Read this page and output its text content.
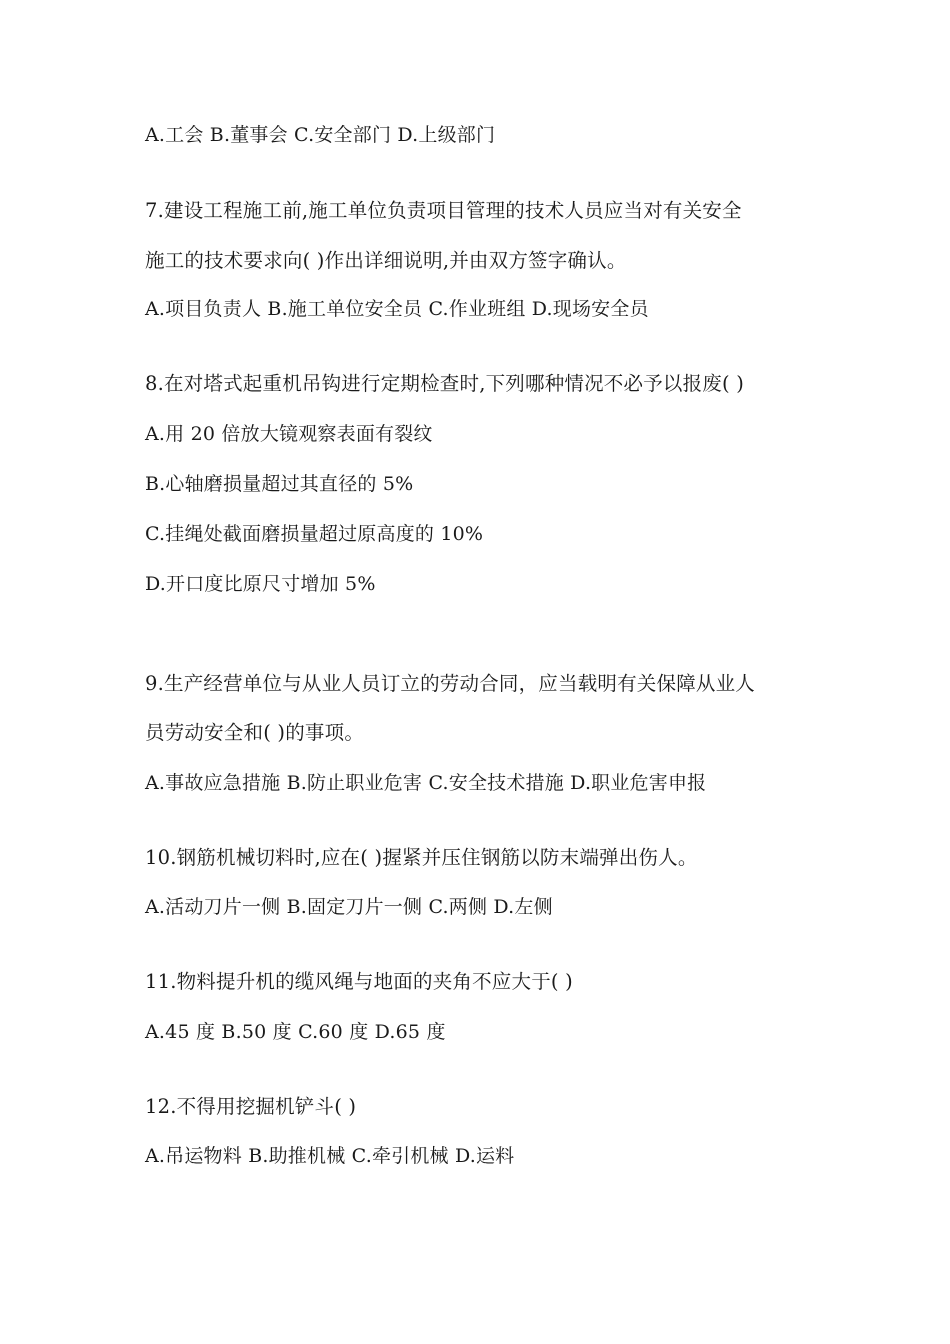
A.工会 B.董事会 C.安全部门 D.上级部门
7.建设工程施工前,施工单位负责项目管理的技术人员应当对有关安全
施工的技术要求向( )作出详细说明,并由双方签字确认。
A.项目负责人 B.施工单位安全员 C.作业班组 D.现场安全员
8.在对塔式起重机吊钩进行定期检查时,下列哪种情况不必予以报废( )
A.用 20 倍放大镜观察表面有裂纹
B.心轴磨损量超过其直径的 5%
C.挂绳处截面磨损量超过原高度的 10%
D.开口度比原尺寸增加 5%
9.生产经营单位与从业人员订立的劳动合同，应当载明有关保障从业人
员劳动安全和( )的事项。
A.事故应急措施 B.防止职业危害 C.安全技术措施 D.职业危害申报
10.钢筋机械切料时,应在( )握紧并压住钢筋以防末端弹出伤人。
A.活动刀片一侧 B.固定刀片一侧 C.两侧 D.左侧
11.物料提升机的缆风绳与地面的夹角不应大于( )
A.45 度 B.50 度 C.60 度 D.65 度
12.不得用挖掘机铲斗( )
A.吊运物料 B.助推机械 C.牵引机械 D.运料
